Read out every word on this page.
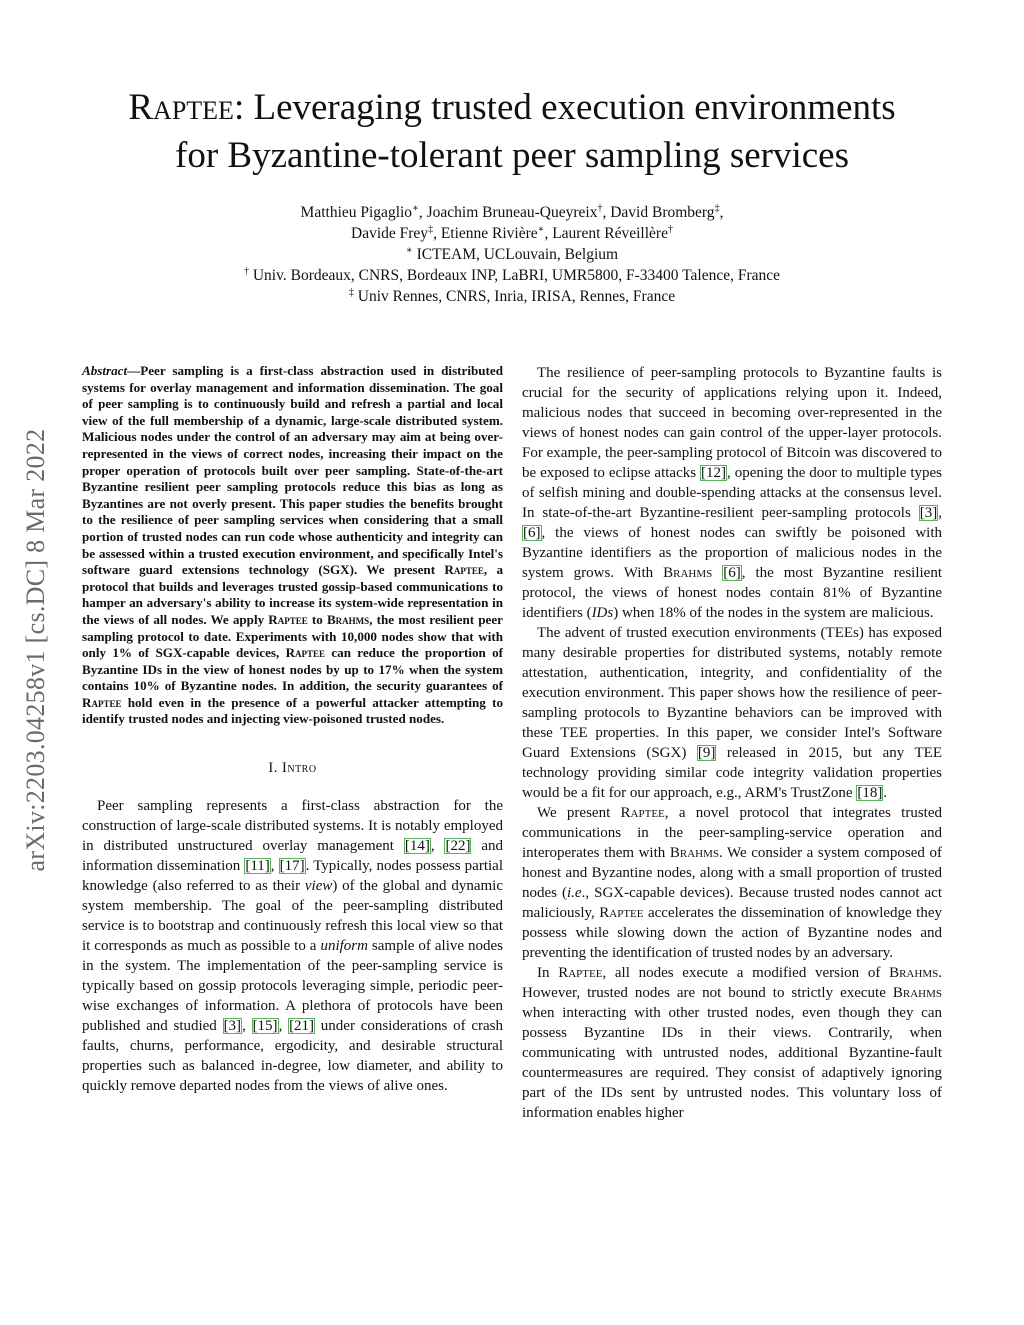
arXiv:2203.04258v1 [cs.DC] 8 Mar 2022
Raptee: Leveraging trusted execution environments
for Byzantine-tolerant peer sampling services
Matthieu Pigaglio∗, Joachim Bruneau-Queyreix†, David Bromberg‡,
Davide Frey‡, Etienne Rivière∗, Laurent Réveillère†
∗ ICTEAM, UCLouvain, Belgium
† Univ. Bordeaux, CNRS, Bordeaux INP, LaBRI, UMR5800, F-33400 Talence, France
‡ Univ Rennes, CNRS, Inria, IRISA, Rennes, France

Abstract—Peer sampling is a first-class abstraction used in distributed systems for overlay management and information dissemination. The goal of peer sampling is to continuously build and refresh a partial and local view of the full membership of a dynamic, large-scale distributed system. Malicious nodes under the control of an adversary may aim at being over-represented in the views of correct nodes, increasing their impact on the proper operation of protocols built over peer sampling. State-of-the-art Byzantine resilient peer sampling protocols reduce this bias as long as Byzantines are not overly present. This paper studies the benefits brought to the resilience of peer sampling services when considering that a small portion of trusted nodes can run code whose authenticity and integrity can be assessed within a trusted execution environment, and specifically Intel's software guard extensions technology (SGX). We present Raptee, a protocol that builds and leverages trusted gossip-based communications to hamper an adversary's ability to increase its system-wide representation in the views of all nodes. We apply Raptee to Brahms, the most resilient peer sampling protocol to date. Experiments with 10,000 nodes show that with only 1% of SGX-capable devices, Raptee can reduce the proportion of Byzantine IDs in the view of honest nodes by up to 17% when the system contains 10% of Byzantine nodes. In addition, the security guarantees of Raptee hold even in the presence of a powerful attacker attempting to identify trusted nodes and injecting view-poisoned trusted nodes.

I. Intro

Peer sampling represents a first-class abstraction for the construction of large-scale distributed systems. It is notably employed in distributed unstructured overlay management [14], [22] and information dissemination [11], [17]. Typically, nodes possess partial knowledge (also referred to as their view) of the global and dynamic system membership. The goal of the peer-sampling distributed service is to bootstrap and continuously refresh this local view so that it corresponds as much as possible to a uniform sample of alive nodes in the system. The implementation of the peer-sampling service is typically based on gossip protocols leveraging simple, periodic peer-wise exchanges of information. A plethora of protocols have been published and studied [3], [15], [21] under considerations of crash faults, churns, performance, ergodicity, and desirable structural properties such as balanced in-degree, low diameter, and ability to quickly remove departed nodes from the views of alive ones.

The resilience of peer-sampling protocols to Byzantine faults is crucial for the security of applications relying upon it. Indeed, malicious nodes that succeed in becoming over-represented in the views of honest nodes can gain control of the upper-layer protocols. For example, the peer-sampling protocol of Bitcoin was discovered to be exposed to eclipse attacks [12], opening the door to multiple types of selfish mining and double-spending attacks at the consensus level. In state-of-the-art Byzantine-resilient peer-sampling protocols [3], [6], the views of honest nodes can swiftly be poisoned with Byzantine identifiers as the proportion of malicious nodes in the system grows. With Brahms [6], the most Byzantine resilient protocol, the views of honest nodes contain 81% of Byzantine identifiers (IDs) when 18% of the nodes in the system are malicious.

The advent of trusted execution environments (TEEs) has exposed many desirable properties for distributed systems, notably remote attestation, authentication, integrity, and confidentiality of the execution environment. This paper shows how the resilience of peer-sampling protocols to Byzantine behaviors can be improved with these TEE properties. In this paper, we consider Intel's Software Guard Extensions (SGX) [9] released in 2015, but any TEE technology providing similar code integrity validation properties would be a fit for our approach, e.g., ARM's TrustZone [18].

We present Raptee, a novel protocol that integrates trusted communications in the peer-sampling-service operation and interoperates them with Brahms. We consider a system composed of honest and Byzantine nodes, along with a small proportion of trusted nodes (i.e., SGX-capable devices). Because trusted nodes cannot act maliciously, Raptee accelerates the dissemination of knowledge they possess while slowing down the action of Byzantine nodes and preventing the identification of trusted nodes by an adversary.

In Raptee, all nodes execute a modified version of Brahms. However, trusted nodes are not bound to strictly execute Brahms when interacting with other trusted nodes, even though they can possess Byzantine IDs in their views. Contrarily, when communicating with untrusted nodes, additional Byzantine-fault countermeasures are required. They consist of adaptively ignoring part of the IDs sent by untrusted nodes. This voluntary loss of information enables higher
